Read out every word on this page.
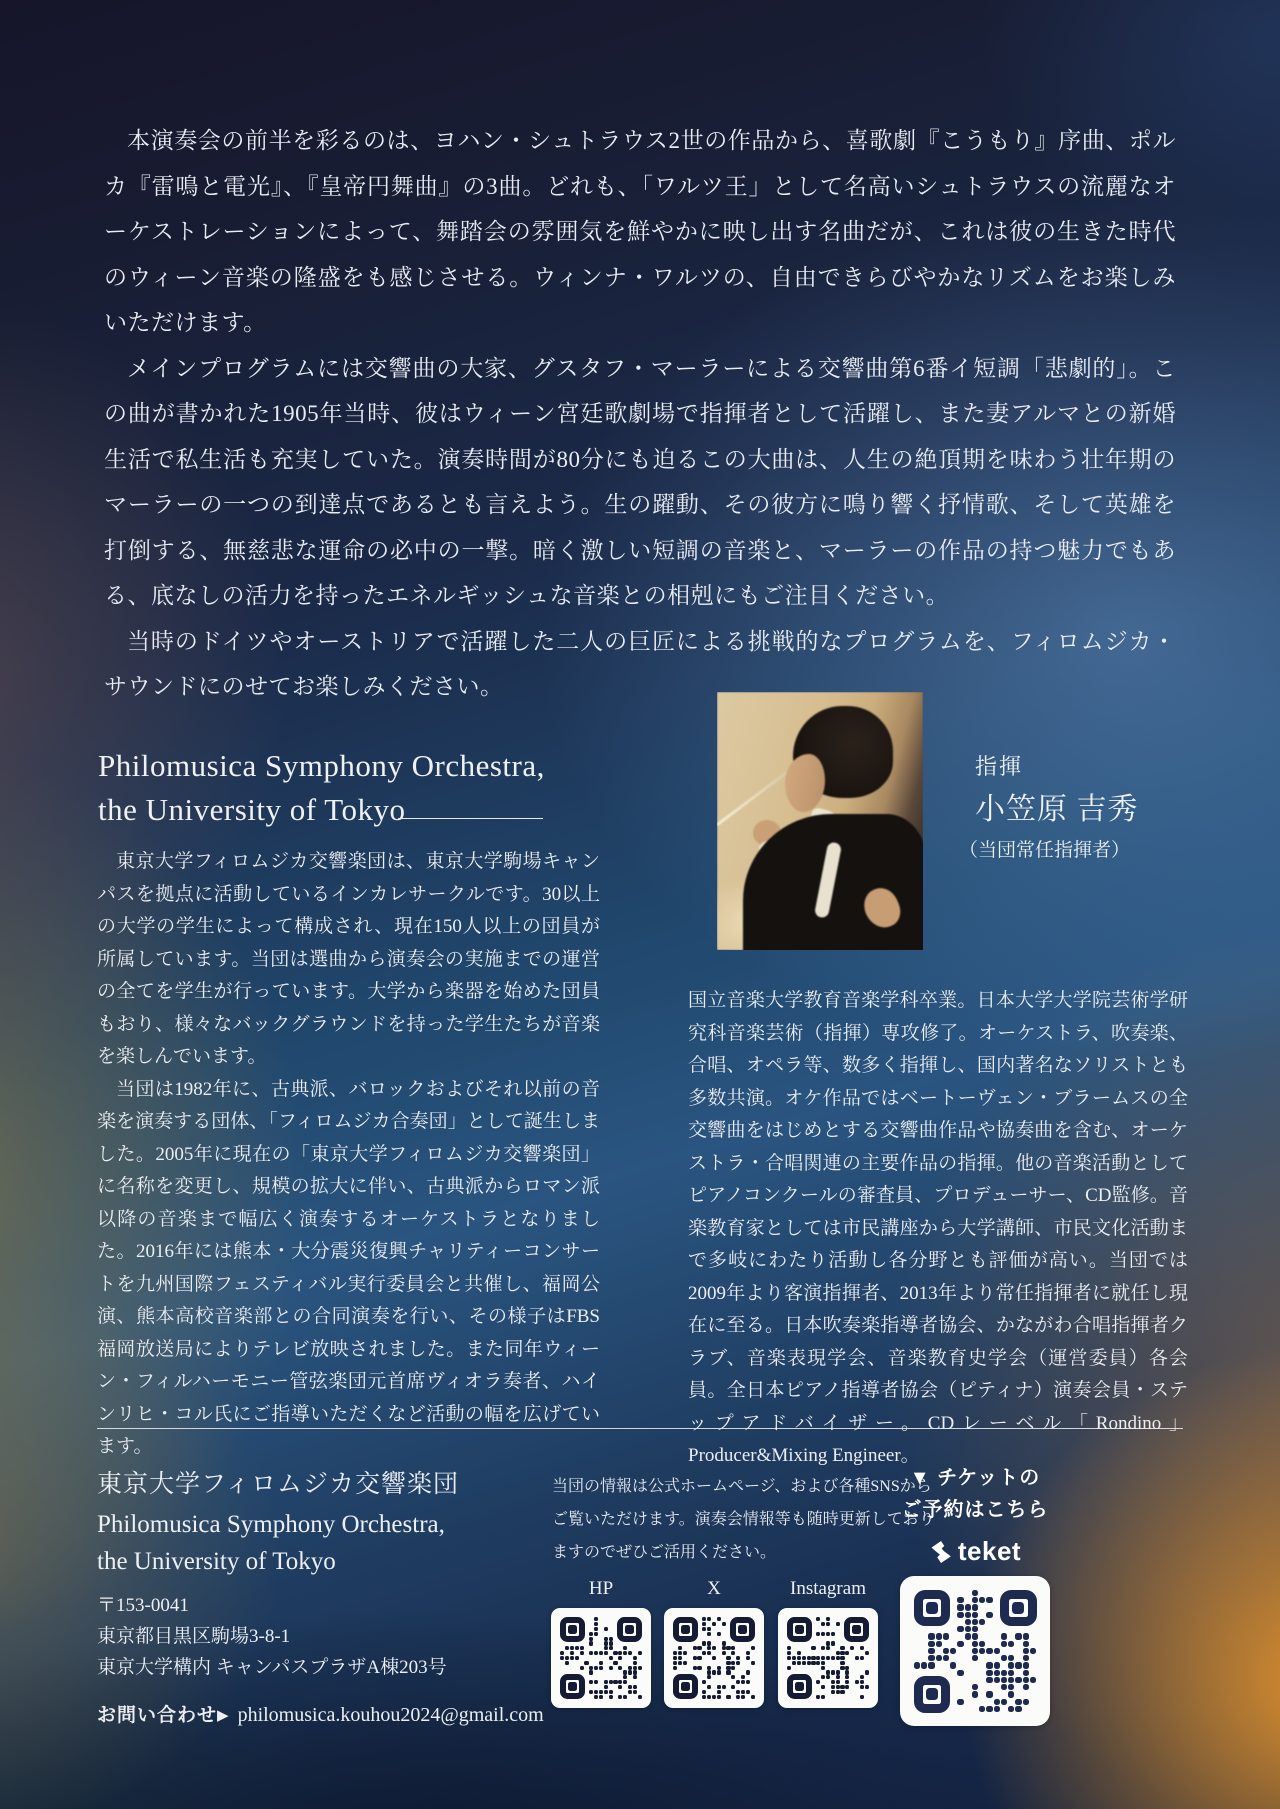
本演奏会の前半を彩るのは、ヨハン・シュトラウス2世の作品から、喜歌劇『こうもり』序曲、ポルカ『雷鳴と電光』、『皇帝円舞曲』の3曲。どれも、「ワルツ王」として名高いシュトラウスの流麗なオーケストレーションによって、舞踏会の雰囲気を鮮やかに映し出す名曲だが、これは彼の生きた時代のウィーン音楽の隆盛をも感じさせる。ウィンナ・ワルツの、自由できらびやかなリズムをお楽しみいただけます。

メインプログラムには交響曲の大家、グスタフ・マーラーによる交響曲第6番イ短調「悲劇的」。この曲が書かれた1905年当時、彼はウィーン宮廷歌劇場で指揮者として活躍し、また妻アルマとの新婚生活で私生活も充実していた。演奏時間が80分にも迫るこの大曲は、人生の絶頂期を味わう壮年期のマーラーの一つの到達点であるとも言えよう。生の躍動、その彼方に鳴り響く抒情歌、そして英雄を打倒する、無慈悲な運命の必中の一撃。暗く激しい短調の音楽と、マーラーの作品の持つ魅力でもある、底なしの活力を持ったエネルギッシュな音楽との相剋にもご注目ください。

当時のドイツやオーストリアで活躍した二人の巨匠による挑戦的なプログラムを、フィロムジカ・サウンドにのせてお楽しみください。

Philomusica Symphony Orchestra,
the University of Tokyo

東京大学フィロムジカ交響楽団は、東京大学駒場キャンパスを拠点に活動しているインカレサークルです。30以上の大学の学生によって構成され、現在150人以上の団員が所属しています。当団は選曲から演奏会の実施までの運営の全てを学生が行っています。大学から楽器を始めた団員もおり、様々なバックグラウンドを持った学生たちが音楽を楽しんでいます。

当団は1982年に、古典派、バロックおよびそれ以前の音楽を演奏する団体、「フィロムジカ合奏団」として誕生しました。2005年に現在の「東京大学フィロムジカ交響楽団」に名称を変更し、規模の拡大に伴い、古典派からロマン派以降の音楽まで幅広く演奏するオーケストラとなりました。2016年には熊本・大分震災復興チャリティーコンサートを九州国際フェスティバル実行委員会と共催し、福岡公演、熊本高校音楽部との合同演奏を行い、その様子はFBS福岡放送局によりテレビ放映されました。また同年ウィーン・フィルハーモニー管弦楽団元首席ヴィオラ奏者、ハインリヒ・コル氏にご指導いただくなど活動の幅を広げています。

指揮
小笠原 吉秀
（当団常任指揮者）

国立音楽大学教育音楽学科卒業。日本大学大学院芸術学研究科音楽芸術（指揮）専攻修了。オーケストラ、吹奏楽、合唱、オペラ等、数多く指揮し、国内著名なソリストとも多数共演。オケ作品ではベートーヴェン・ブラームスの全交響曲をはじめとする交響曲作品や協奏曲を含む、オーケストラ・合唱関連の主要作品の指揮。他の音楽活動としてピアノコンクールの審査員、プロデューサー、CD監修。音楽教育家としては市民講座から大学講師、市民文化活動まで多岐にわたり活動し各分野とも評価が高い。当団では2009年より客演指揮者、2013年より常任指揮者に就任し現在に至る。日本吹奏楽指導者協会、かながわ合唱指揮者クラブ、音楽表現学会、音楽教育史学会（運営委員）各会員。全日本ピアノ指導者協会（ピティナ）演奏会員・ステップアドバイザー。CDレーベル「Rondino」Producer&Mixing Engineer。

東京大学フィロムジカ交響楽団
Philomusica Symphony Orchestra,
the University of Tokyo
〒153-0041
東京都目黒区駒場3-8-1
東京大学構内 キャンパスプラザA棟203号
お問い合わせ▶ philomusica.kouhou2024@gmail.com
当団の情報は公式ホームページ、および各種SNSから
ご覧いただけます。演奏会情報等も随時更新しており
ますのでぜひご活用ください。
HP	X	Instagram
▼ チケットの
ご予約はこちら
teket
